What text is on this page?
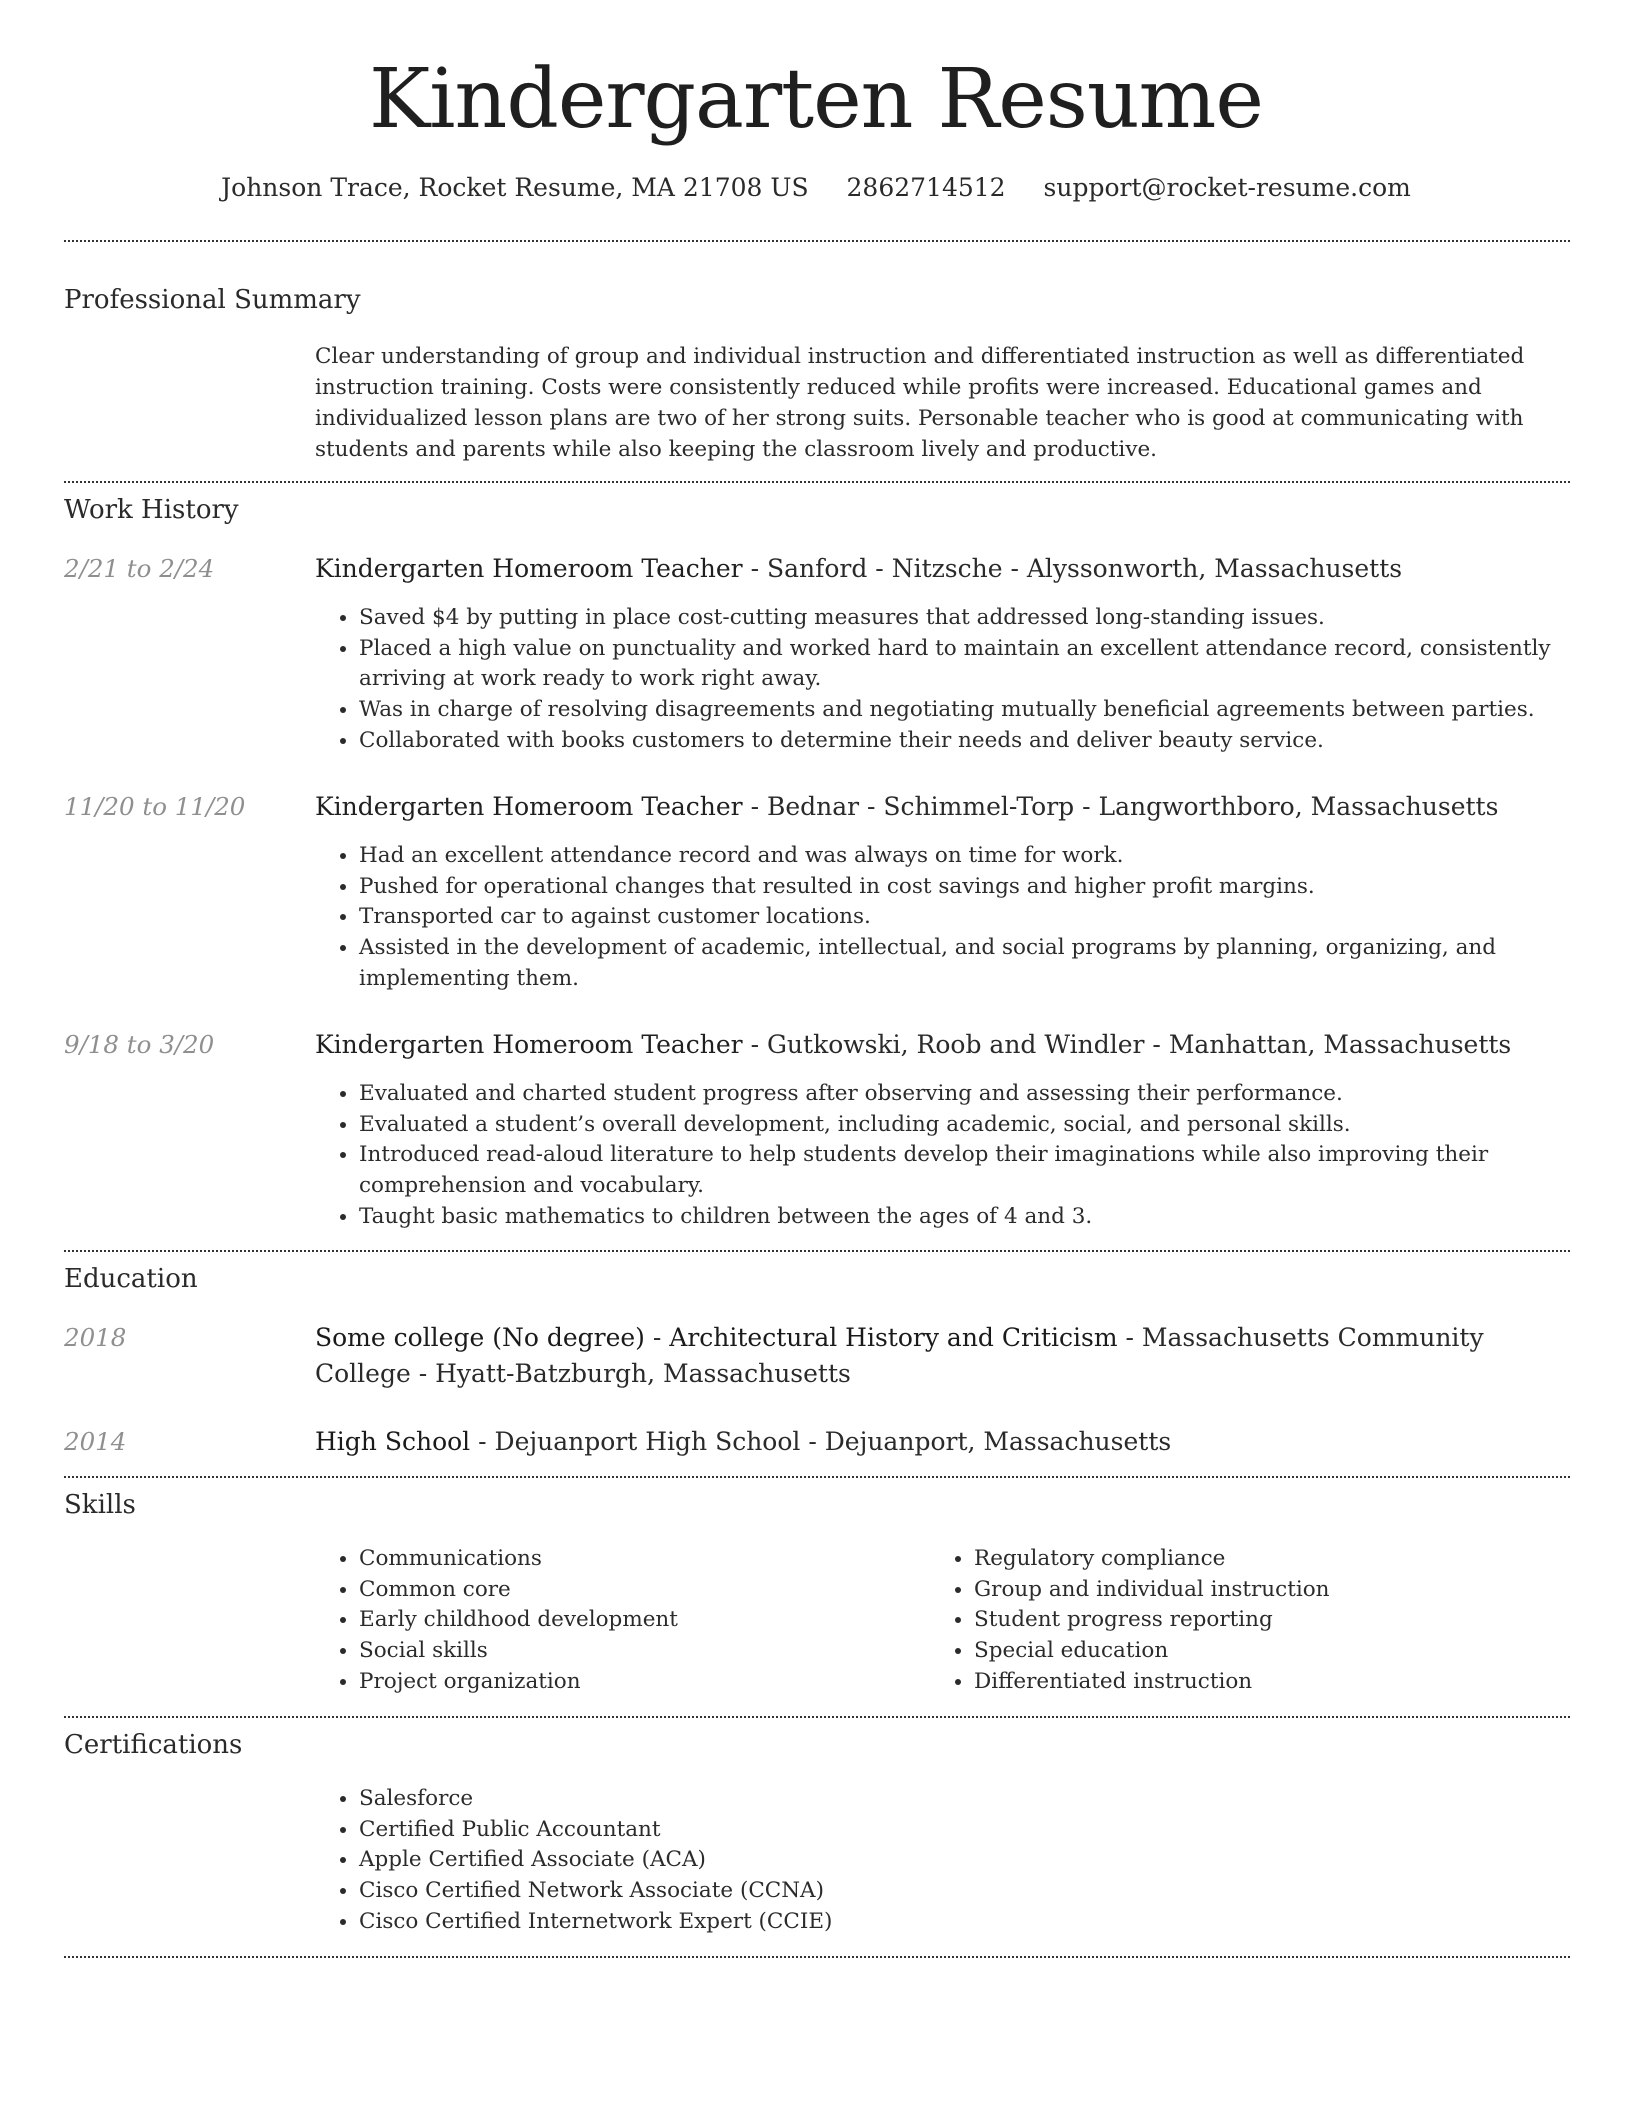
Kindergarten Resume
Johnson Trace, Rocket Resume, MA 21708 US 2862714512 support@rocket-resume.com
Professional Summary
Clear understanding of group and individual instruction and differentiated instruction as well as differentiated instruction training. Costs were consistently reduced while profits were increased. Educational games and individualized lesson plans are two of her strong suits. Personable teacher who is good at communicating with students and parents while also keeping the classroom lively and productive.
Work History
2/21 to 2/24	Kindergarten Homeroom Teacher - Sanford - Nitzsche - Alyssonworth, Massachusetts
• Saved $4 by putting in place cost-cutting measures that addressed long-standing issues.
• Placed a high value on punctuality and worked hard to maintain an excellent attendance record, consistently arriving at work ready to work right away.
• Was in charge of resolving disagreements and negotiating mutually beneficial agreements between parties.
• Collaborated with books customers to determine their needs and deliver beauty service.
11/20 to 11/20	Kindergarten Homeroom Teacher - Bednar - Schimmel-Torp - Langworthboro, Massachusetts
• Had an excellent attendance record and was always on time for work.
• Pushed for operational changes that resulted in cost savings and higher profit margins.
• Transported car to against customer locations.
• Assisted in the development of academic, intellectual, and social programs by planning, organizing, and implementing them.
9/18 to 3/20	Kindergarten Homeroom Teacher - Gutkowski, Roob and Windler - Manhattan, Massachusetts
• Evaluated and charted student progress after observing and assessing their performance.
• Evaluated a student’s overall development, including academic, social, and personal skills.
• Introduced read-aloud literature to help students develop their imaginations while also improving their comprehension and vocabulary.
• Taught basic mathematics to children between the ages of 4 and 3.
Education
2018	Some college (No degree) - Architectural History and Criticism - Massachusetts Community College - Hyatt-Batzburgh, Massachusetts
2014	High School - Dejuanport High School - Dejuanport, Massachusetts
Skills
• Communications
• Common core
• Early childhood development
• Social skills
• Project organization
• Regulatory compliance
• Group and individual instruction
• Student progress reporting
• Special education
• Differentiated instruction
Certifications
• Salesforce
• Certified Public Accountant
• Apple Certified Associate (ACA)
• Cisco Certified Network Associate (CCNA)
• Cisco Certified Internetwork Expert (CCIE)
